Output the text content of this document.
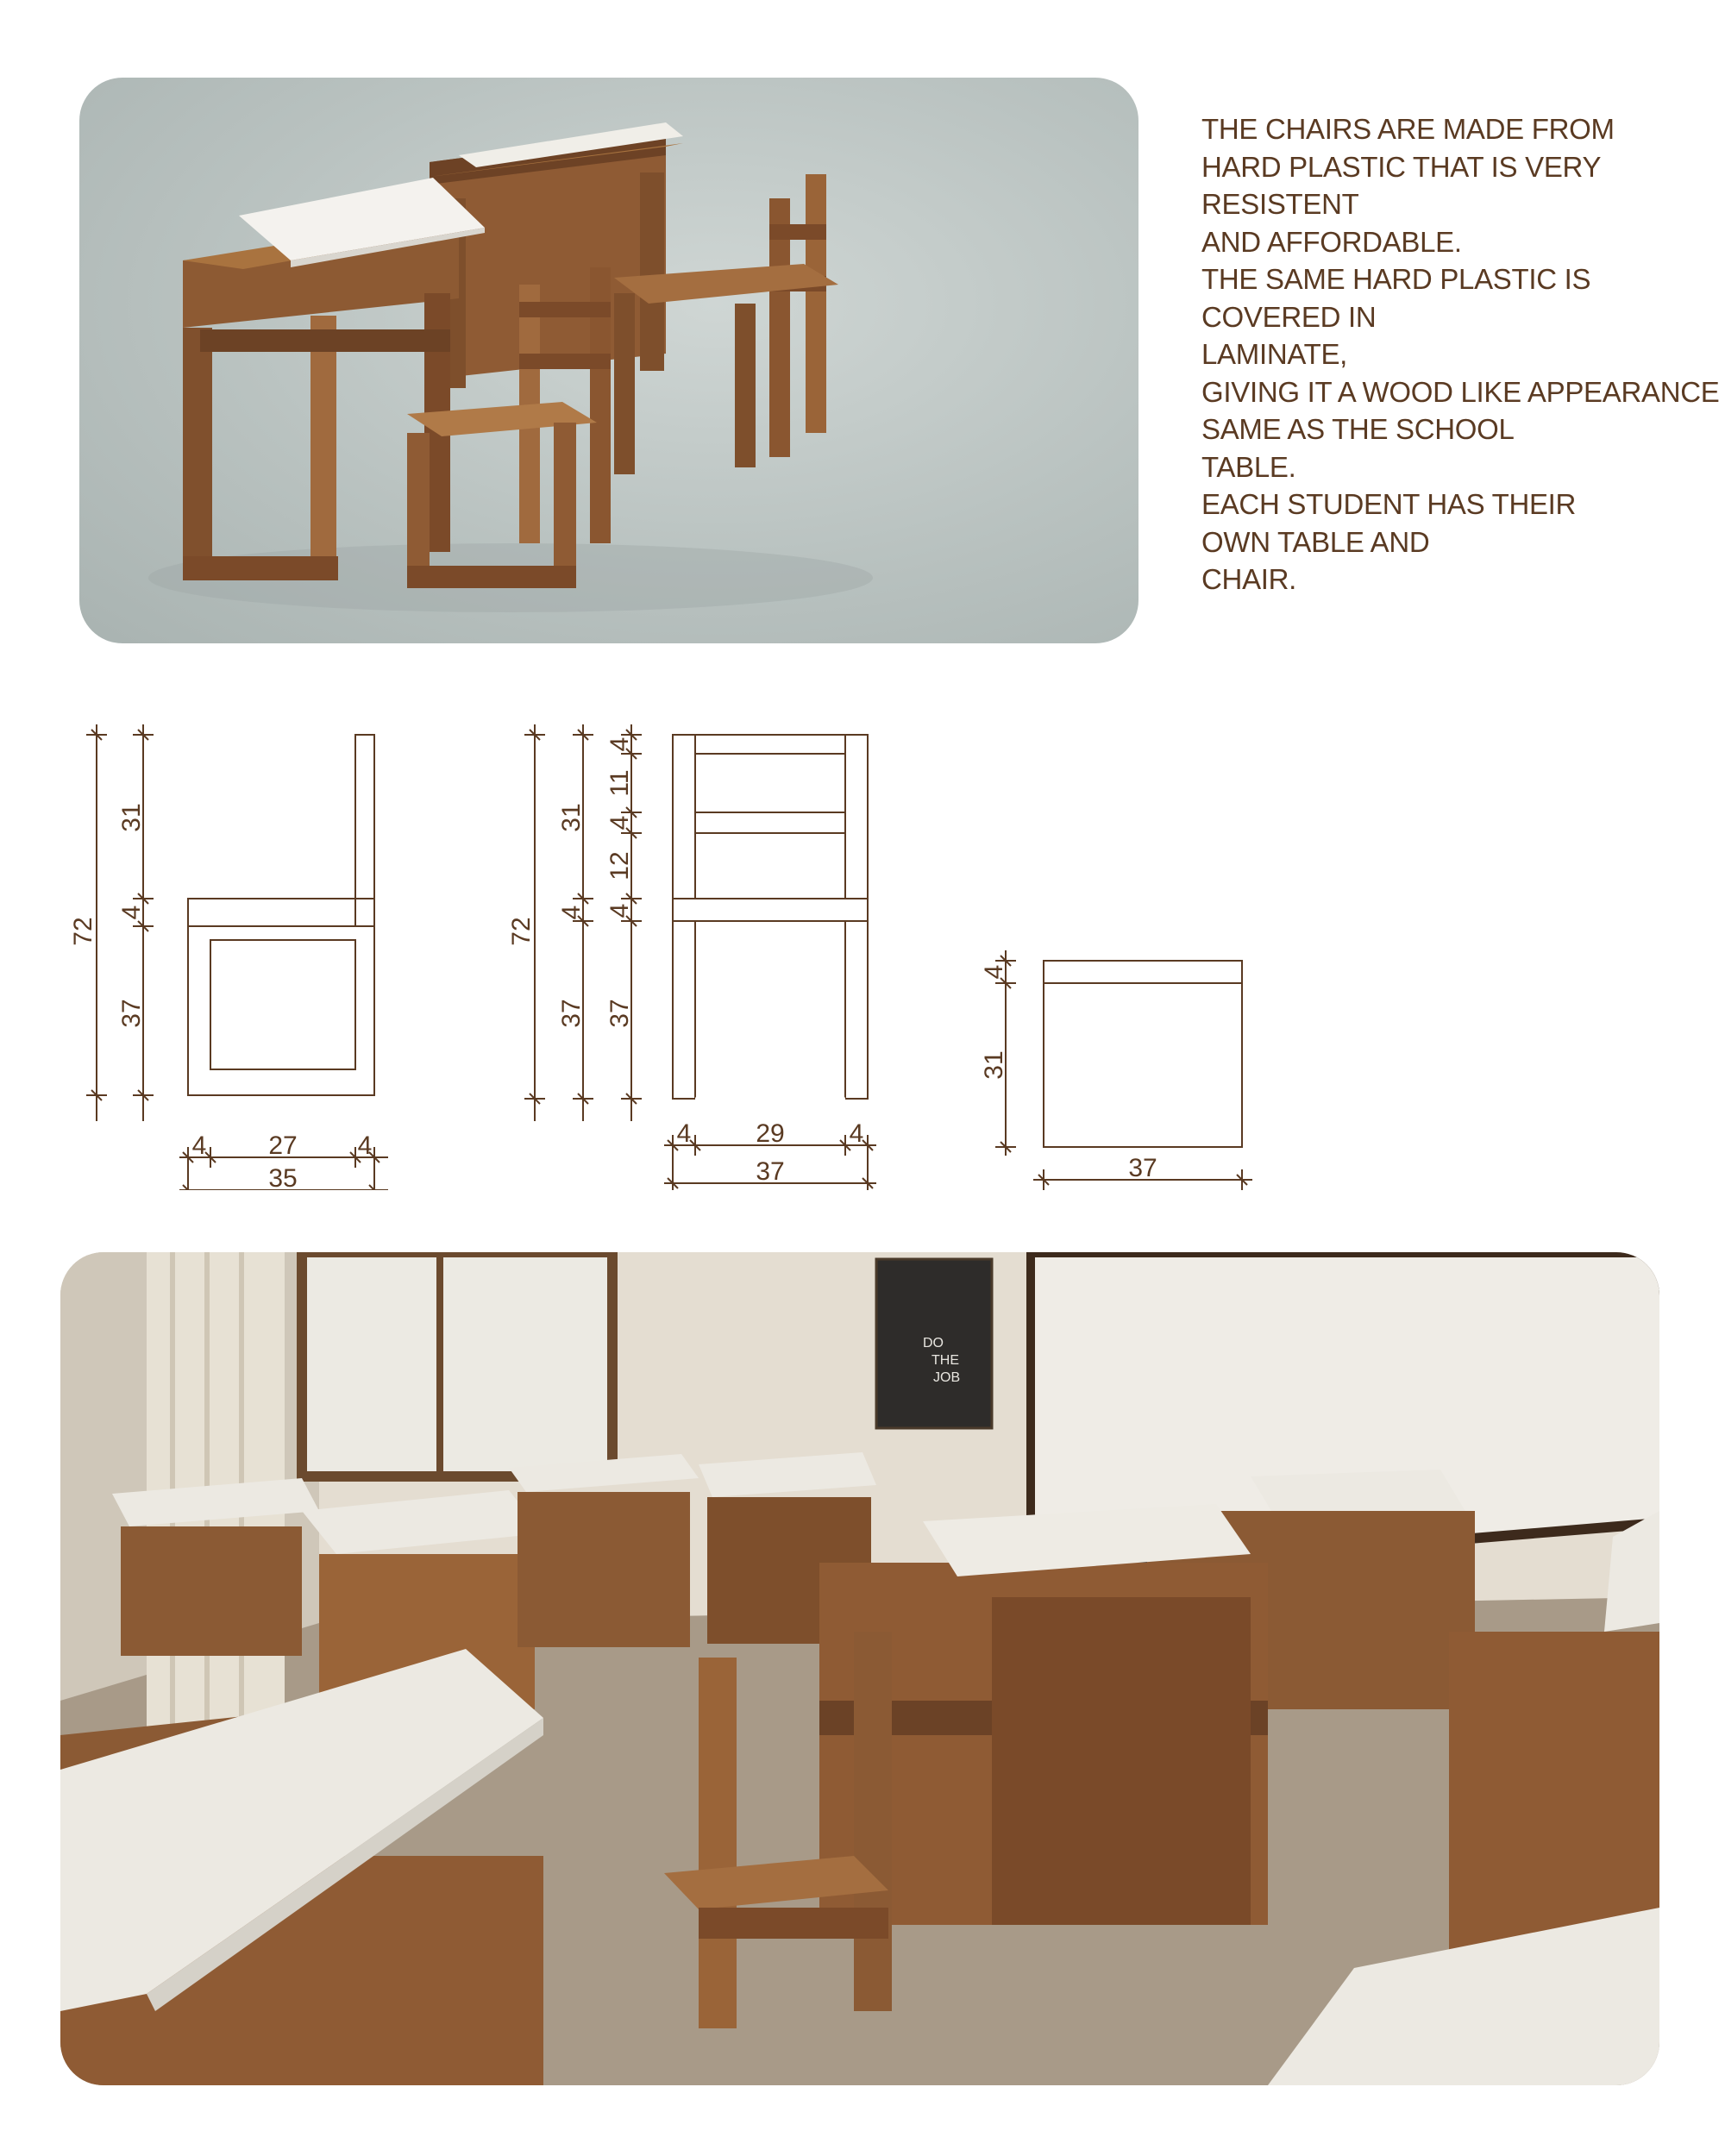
THE CHAIRS ARE MADE FROM
HARD PLASTIC THAT IS VERY
RESISTENT
AND AFFORDABLE.
THE SAME HARD PLASTIC IS
COVERED IN
LAMINATE,
GIVING IT A WOOD LIKE APPEARANCE
SAME AS THE SCHOOL
TABLE.
EACH STUDENT HAS THEIR
OWN TABLE AND
CHAIR.
72
31
4
37
4 27 4
35
72
31
4
37
4
11
4
12
4
37
4 29 4
37
4
31
37
DO
THE
JOB
